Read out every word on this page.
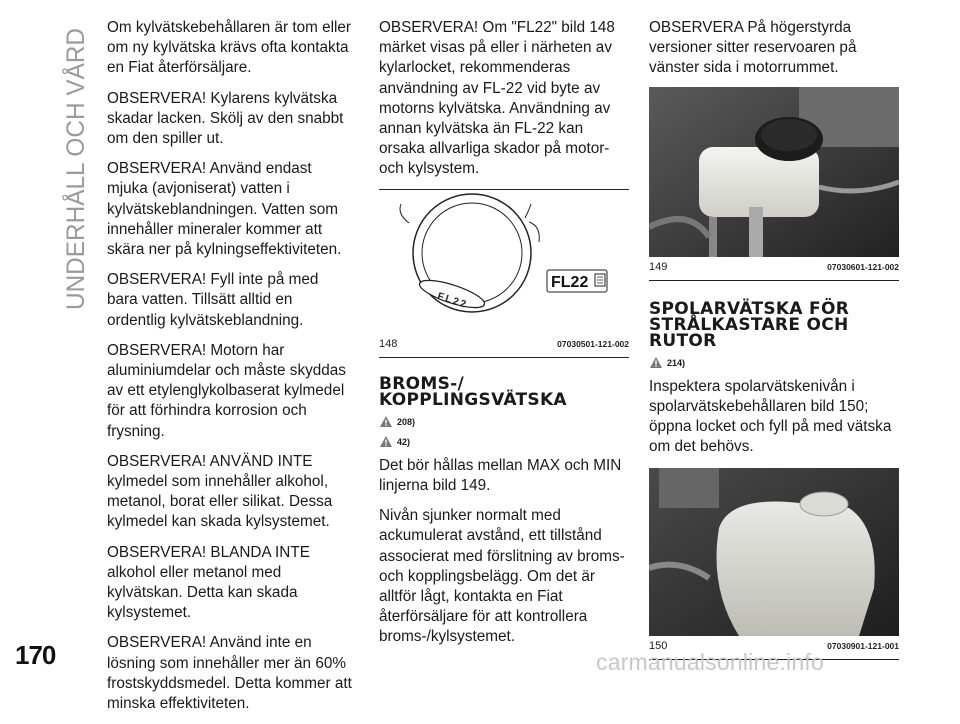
UNDERHÅLL OCH VÅRD
170

Om kylvätskebehållaren är tom eller om ny kylvätska krävs ofta kontakta en Fiat återförsäljare.

OBSERVERA! Kylarens kylvätska skadar lacken. Skölj av den snabbt om den spiller ut.

OBSERVERA! Använd endast mjuka (avjoniserat) vatten i kylvätskeblandningen. Vatten som innehåller mineraler kommer att skära ner på kylningseffektiviteten.

OBSERVERA! Fyll inte på med bara vatten. Tillsätt alltid en ordentlig kylvätskeblandning.

OBSERVERA! Motorn har aluminiumdelar och måste skyddas av ett etylenglykolbaserat kylmedel för att förhindra korrosion och frysning.

OBSERVERA! ANVÄND INTE kylmedel som innehåller alkohol, metanol, borat eller silikat. Dessa kylmedel kan skada kylsystemet.

OBSERVERA! BLANDA INTE alkohol eller metanol med kylvätskan. Detta kan skada kylsystemet.

OBSERVERA! Använd inte en lösning som innehåller mer än 60% frostskyddsmedel. Detta kommer att minska effektiviteten.

OBSERVERA! Om "FL22" bild 148 märket visas på eller i närheten av kylarlocket, rekommenderas användning av FL-22 vid byte av motorns kylvätska. Användning av annan kylvätska än FL-22 kan orsaka allvarliga skador på motor- och kylsystem.

FL22
FL22
148	07030501-121-002
BROMS-/ KOPPLINGSVÄTSKA
208)
42)

Det bör hållas mellan MAX och MIN linjerna bild 149.

Nivån sjunker normalt med ackumulerat avstånd, ett tillstånd associerat med förslitning av broms- och kopplingsbelägg. Om det är alltför lågt, kontakta en Fiat återförsäljare för att kontrollera broms-/kylsystemet.

OBSERVERA På högerstyrda versioner sitter reservoaren på vänster sida i motorrummet.

149	07030601-121-002
SPOLARVÄTSKA FÖR STRÅLKASTARE OCH RUTOR
214)

Inspektera spolarvätskenivån i spolarvätskebehållaren bild 150; öppna locket och fyll på med vätska om det behövs.

150	07030901-121-001
carmanualsonline.info
